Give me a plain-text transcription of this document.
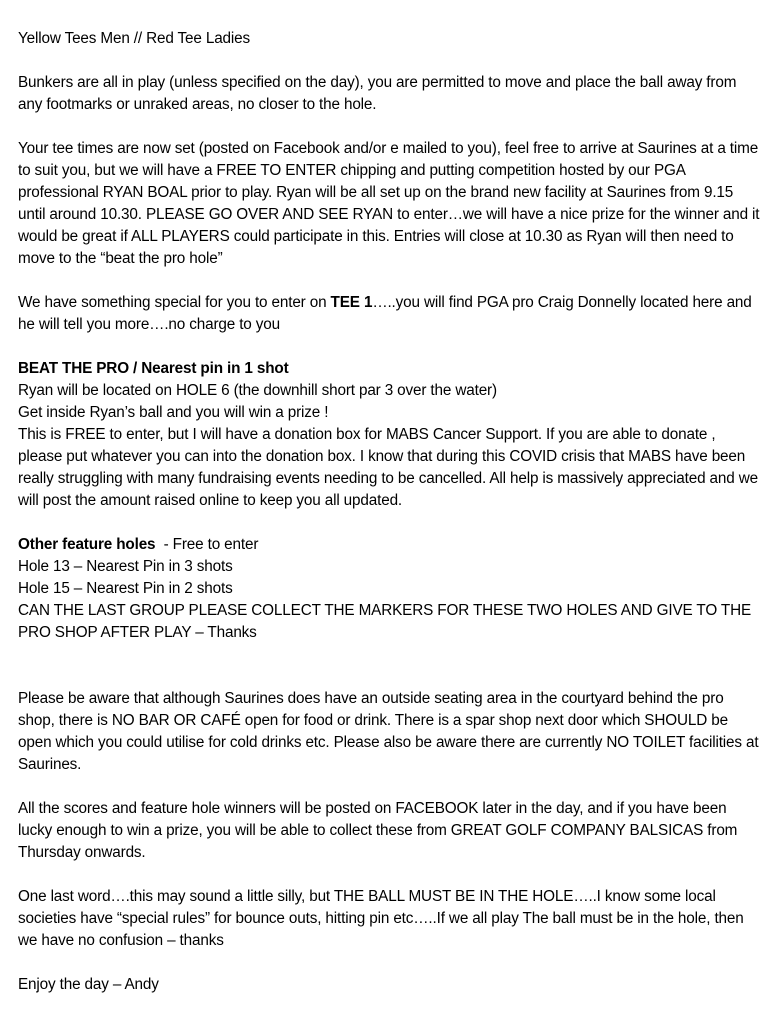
Yellow Tees Men // Red Tee Ladies

Bunkers are all in play (unless specified on the day), you are permitted to move and place the ball away from any footmarks or unraked areas, no closer to the hole.

Your tee times are now set (posted on Facebook and/or e mailed to you), feel free to arrive at Saurines at a time to suit you, but we will have a FREE TO ENTER chipping and putting competition hosted by our PGA professional RYAN BOAL prior to play. Ryan will be all set up on the brand new facility at Saurines from 9.15 until around 10.30. PLEASE GO OVER AND SEE RYAN to enter…we will have a nice prize for the winner and it would be great if ALL PLAYERS could participate in this. Entries will close at 10.30 as Ryan will then need to move to the “beat the pro hole”

We have something special for you to enter on TEE 1…..you will find PGA pro Craig Donnelly located here and he will tell you more….no charge to you

BEAT THE PRO / Nearest pin in 1 shot
Ryan will be located on HOLE 6 (the downhill short par 3 over the water)
Get inside Ryan’s ball and you will win a prize !
This is FREE to enter, but I will have a donation box for MABS Cancer Support. If you are able to donate , please put whatever you can into the donation box. I know that during this COVID crisis that MABS have been really struggling with many fundraising events needing to be cancelled. All help is massively appreciated and we will post the amount raised online to keep you all updated.

Other feature holes  - Free to enter
Hole 13 – Nearest Pin in 3 shots
Hole 15 – Nearest Pin in 2 shots
CAN THE LAST GROUP PLEASE COLLECT THE MARKERS FOR THESE TWO HOLES AND GIVE TO THE PRO SHOP AFTER PLAY – Thanks

Please be aware that although Saurines does have an outside seating area in the courtyard behind the pro shop, there is NO BAR OR CAFÉ open for food or drink. There is a spar shop next door which SHOULD be open which you could utilise for cold drinks etc. Please also be aware there are currently NO TOILET facilities at Saurines.

All the scores and feature hole winners will be posted on FACEBOOK later in the day, and if you have been lucky enough to win a prize, you will be able to collect these from GREAT GOLF COMPANY BALSICAS from Thursday onwards.

One last word….this may sound a little silly, but THE BALL MUST BE IN THE HOLE…..I know some local societies have “special rules” for bounce outs, hitting pin etc…..If we all play The ball must be in the hole, then we have no confusion – thanks

Enjoy the day – Andy
